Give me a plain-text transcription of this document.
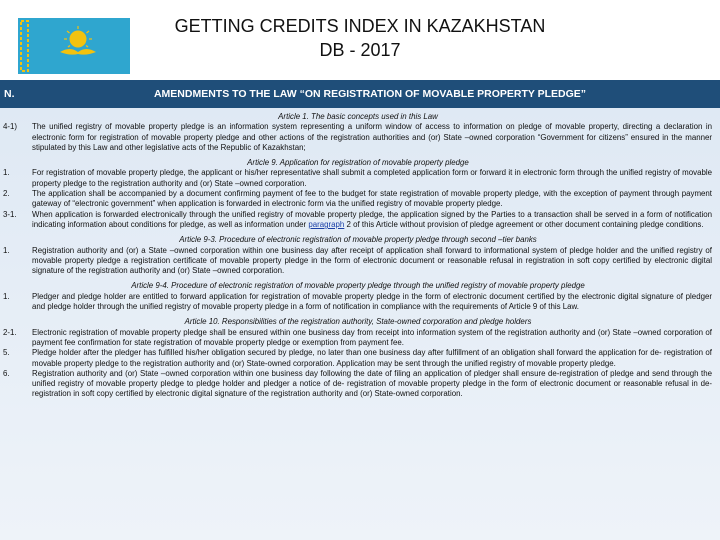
GETTING CREDITS INDEX IN KAZAKHSTAN
DB - 2017
N.	AMENDMENTS TO THE LAW “ON REGISTRATION OF MOVABLE PROPERTY PLEDGE”
Article 1. The basic concepts used in this Law
4-1)	The unified registry of movable property pledge is an information system representing a uniform window of access to information on pledge of movable property, directing a declaration in electronic form for registration of movable property pledge and other actions of the registration authorities and (or) State –owned corporation “Government for citizens” ensured in the manner stipulated by this Law and other legislative acts of the Republic of Kazakhstan;
Article 9. Application for registration of movable property pledge
1.	For registration of movable property pledge, the applicant or his/her representative shall submit a completed application form or forward it in electronic form through the unified registry of movable property pledge to the registration authority and (or) State –owned corporation.
2.	The application shall be accompanied by a document confirming payment of fee to the budget for state registration of movable property pledge, with the exception of payment through payment gateway of “electronic government” when application is forwarded in electronic form via the unified registry of movable property pledge.
3-1.	When application is forwarded electronically through the unified registry of movable property pledge, the application signed by the Parties to a transaction shall be served in a form of notification indicating information about conditions for pledge, as well as information under paragraph 2 of this Article without provision of pledge agreement or other document containing pledge conditions.
Article 9-3. Procedure of electronic registration of movable property pledge through second –tier banks
1.	Registration authority and (or) a State –owned corporation within one business day after receipt of application shall forward to informational system of pledge holder and the unified registry of movable property pledge a registration certificate of movable property pledge in the form of electronic document or reasonable refusal in registration in soft copy certified by electronic digital signature of the registration authority and (or) State –owned corporation.
Article 9-4. Procedure of electronic registration of movable property pledge through the unified registry of movable property pledge
1.	Pledger and pledge holder are entitled to forward application for registration of movable property pledge in the form of electronic document certified by the electronic digital signature of pledger and pledge holder through the unified registry of movable property pledge in a form of notification in compliance with the requirements of Article 9 of this Law.
Article 10. Responsibilities of the registration authority, State-owned corporation and pledge holders
2-1.	Electronic registration of movable property pledge shall be ensured within one business day from receipt into information system of the registration authority and (or) State –owned corporation of payment fee confirmation for state registration of movable property pledge or exemption from payment fee.
5.	Pledge holder after the pledger has fulfilled his/her obligation secured by pledge, no later than one business day after fulfillment of an obligation shall forward the application for de- registration of movable property pledge to the registration authority and (or) State-owned corporation. Application may be sent through the unified registry of movable property pledge.
6.	Registration authority and (or) State –owned corporation within one business day following the date of filing an application of pledger shall ensure de-registration of pledge and send through the unified registry of movable property pledge to pledge holder and pledger a notice of de- registration of movable property pledge in the form of electronic document or reasonable refusal in de-registration in soft copy certified by electronic digital signature of the registration authority and (or) State-owned corporation.
